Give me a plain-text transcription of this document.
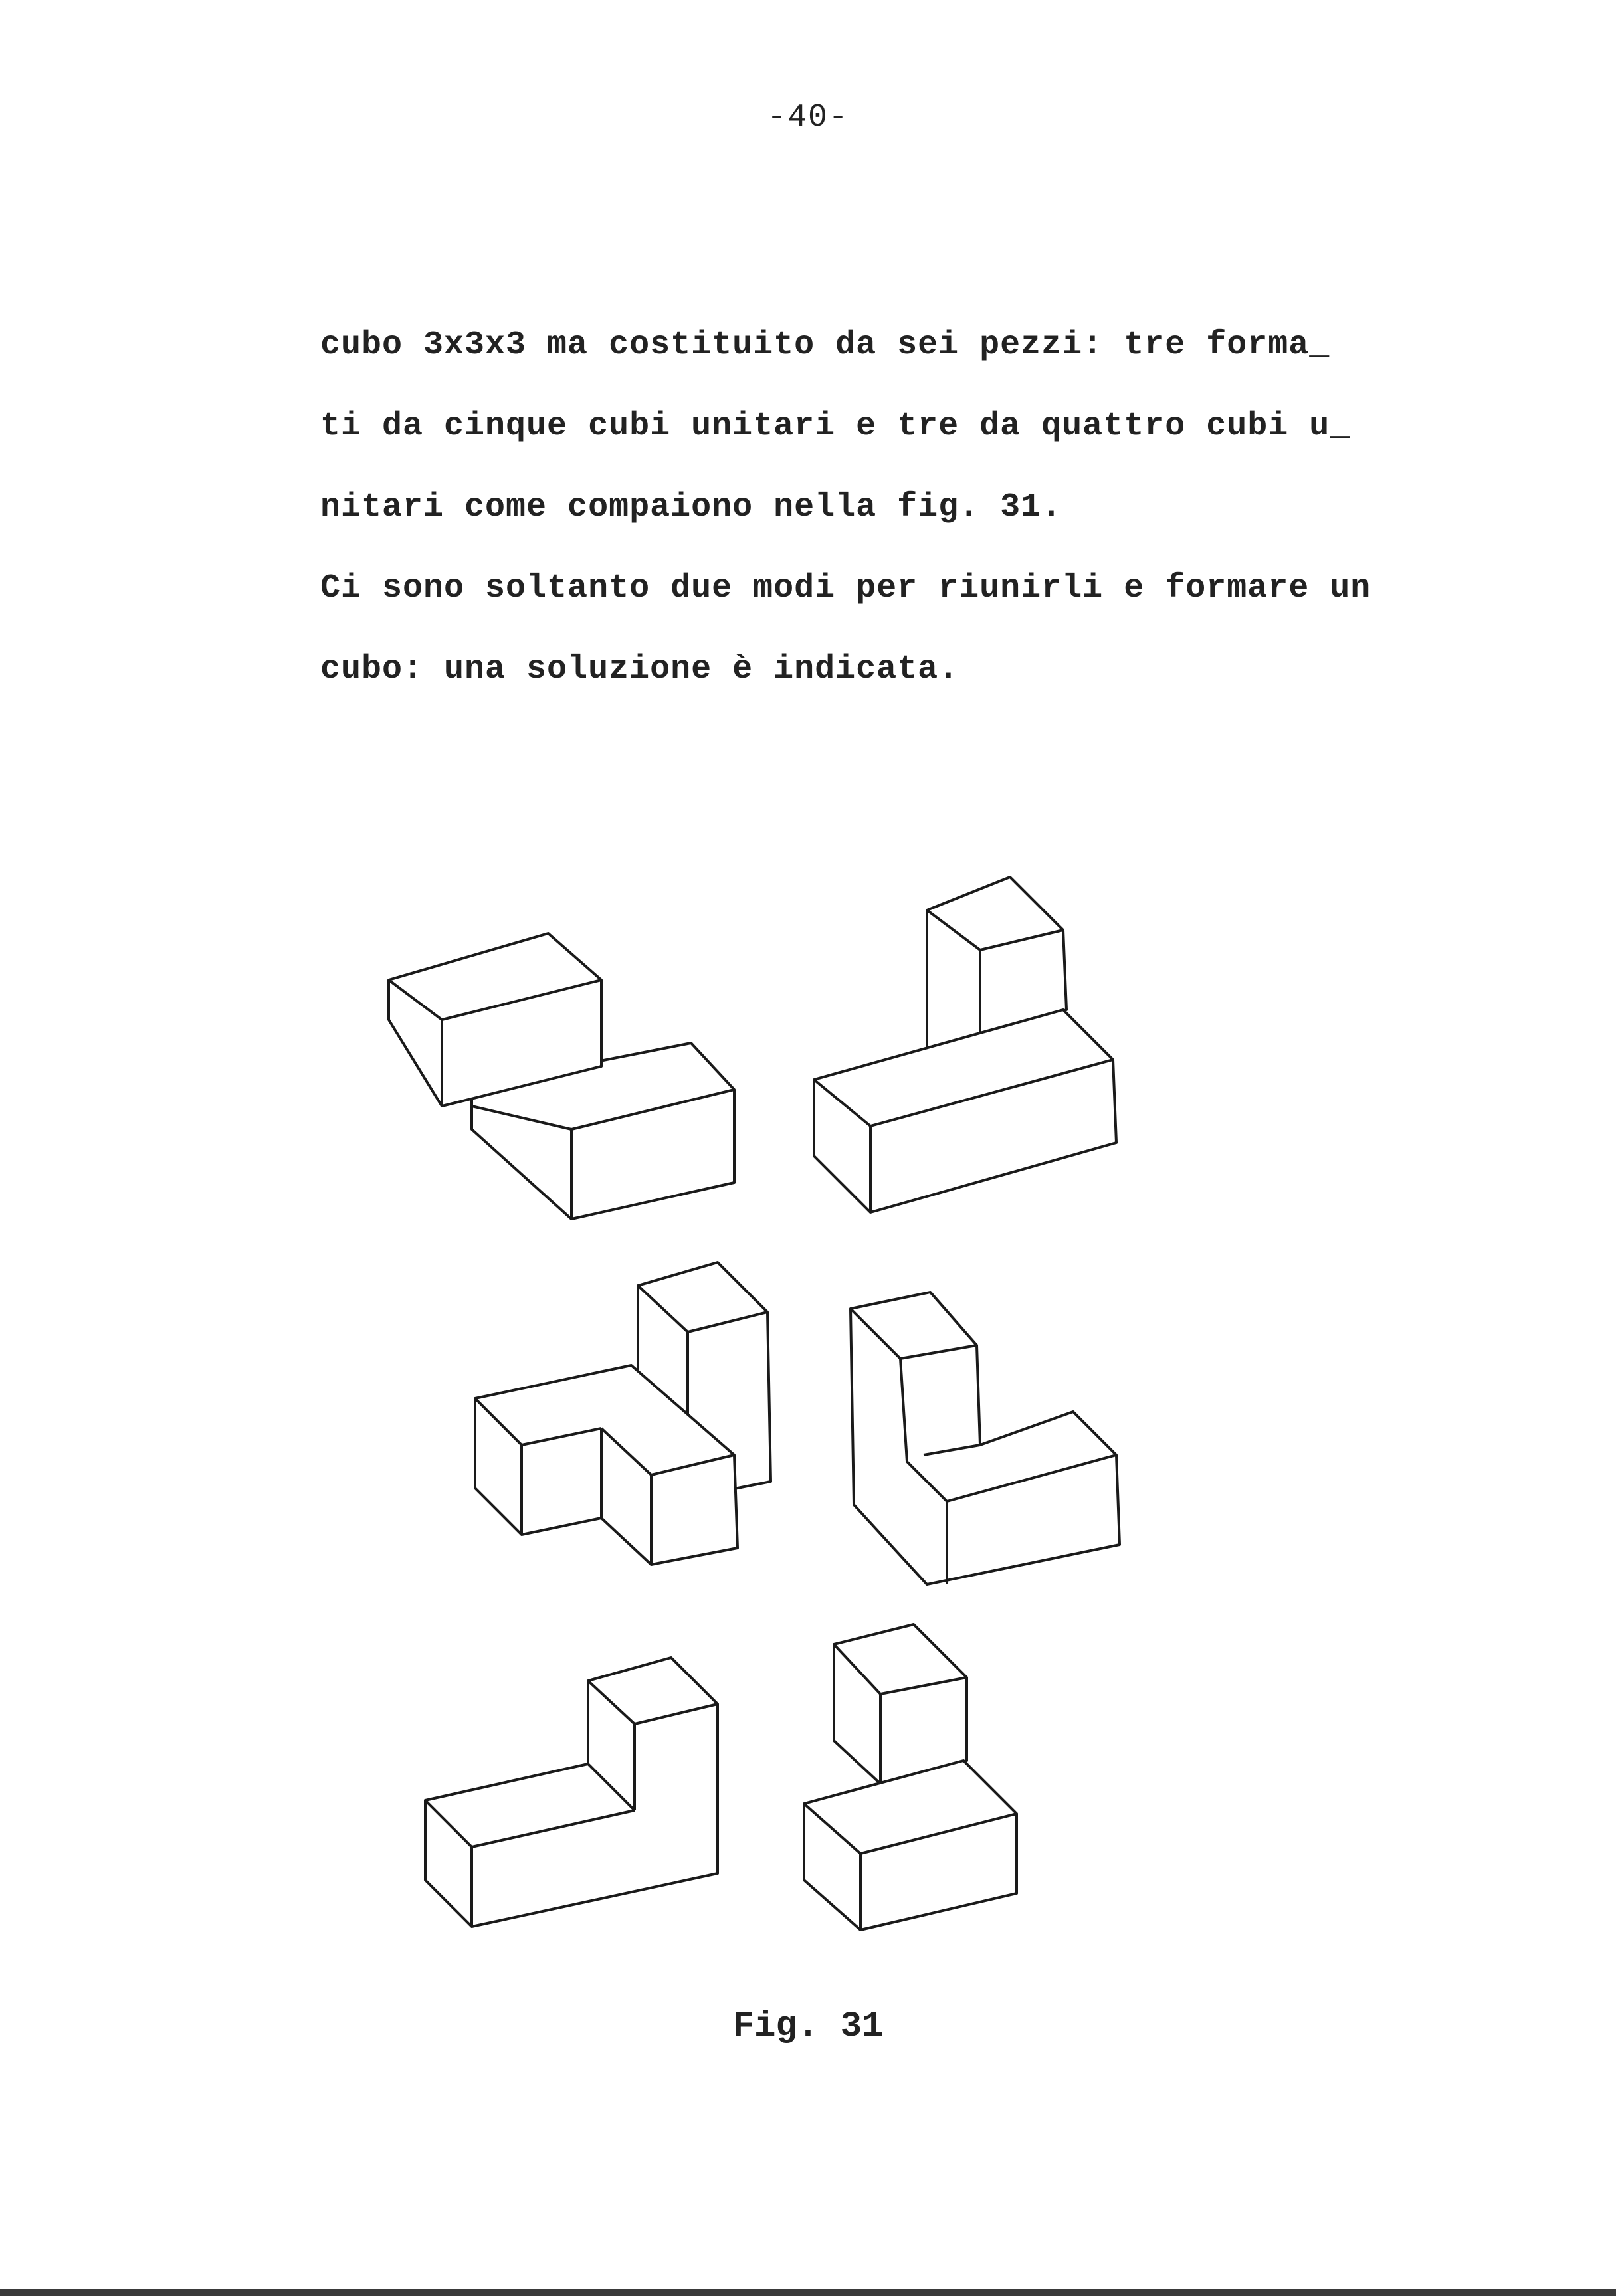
-40-
cubo 3x3x3 ma costituito da sei pezzi: tre forma_
ti da cinque cubi unitari e tre da quattro cubi u_
nitari come compaiono nella fig. 31.
Ci sono soltanto due modi per riunirli e formare un
cubo: una soluzione è indicata.
Fig. 31
